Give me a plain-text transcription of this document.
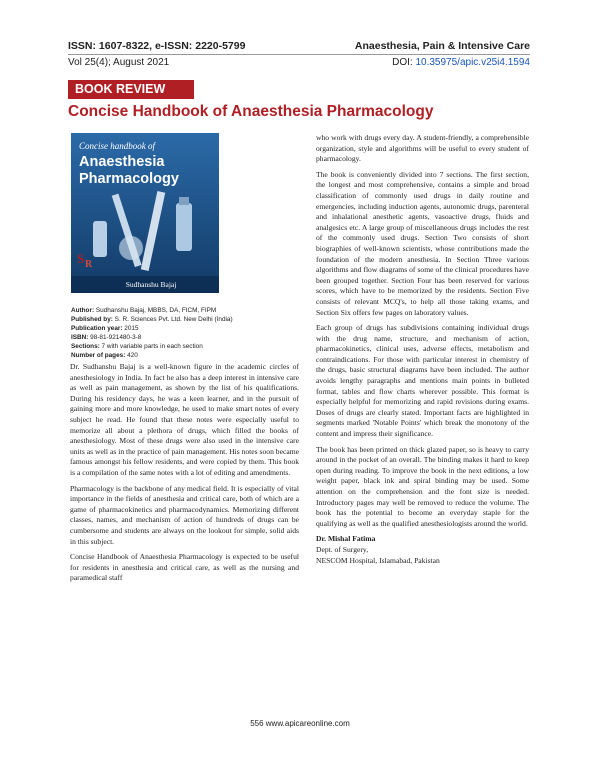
ISSN: 1607-8322, e-ISSN: 2220-5799	Anaesthesia, Pain & Intensive Care
Vol 25(4); August 2021	DOI: 10.35975/apic.v25i4.1594
BOOK REVIEW
Concise Handbook of Anaesthesia Pharmacology
Concise handbook of
Anaesthesia
Pharmacology
S R
Sudhanshu Bajaj
Author: Sudhanshu Bajaj, MBBS, DA, FICM, FIPM
Published by: S. R. Sciences Pvt. Ltd. New Delhi (India)
Publication year: 2015
ISBN: 98-81-921480-3-8
Sections: 7 with variable parts in each section
Number of pages: 420

Dr. Sudhanshu Bajaj is a well-known figure in the academic circles of anesthesiology in India. In fact he also has a deep interest in intensive care as well as pain management, as shown by the list of his qualifications. During his residency days, he was a keen learner, and in the pursuit of gaining more and more knowledge, he used to make smart notes of every subject he read. He found that these notes were especially useful to memorize all about a plethora of drugs, which filled the books of anesthesiology. Most of these drugs were also used in the intensive care units as well as in the practice of pain management. His notes soon became famous amongst his fellow residents, and were copied by them. This book is a compilation of the same notes with a lot of editing and amendments.

Pharmacology is the backbone of any medical field. It is especially of vital importance in the fields of anesthesia and critical care, both of which are a game of pharmacokinetics and pharmacodynamics. Memorizing different classes, names, and mechanism of action of hundreds of drugs can be cumbersome and students are always on the lookout for simple, solid aids in this subject.

Concise Handbook of Anaesthesia Pharmacology is expected to be useful for residents in anesthesia and critical care, as well as the nursing and paramedical staff

who work with drugs every day. A student-friendly, a comprehensible organization, style and algorithms will be useful to every student of pharmacology.

The book is conveniently divided into 7 sections. The first section, the longest and most comprehensive, contains a simple and broad classification of commonly used drugs in daily routine and emergencies, including induction agents, autonomic drugs, parenteral and inhalational anesthetic agents, vasoactive drugs, fluids and analgesics etc. A large group of miscellaneous drugs includes the rest of the commonly used drugs. Section Two consists of short biographies of well-known scientists, whose contributions made the foundation of the modern anesthesia. In Section Three various algorithms and flow diagrams of some of the clinical procedures have been grouped together. Section Four has been reserved for various scores, which have to be memorized by the residents. Section Five consists of relevant MCQ's, to help all those taking exams, and Section Six offers few pages on laboratory values.

Each group of drugs has subdivisions containing individual drugs with the drug name, structure, and mechanism of action, pharmacokinetics, clinical uses, adverse effects, metabolism and contraindications. For those with particular interest in chemistry of the drugs, basic structural diagrams have been included. The author avoids lengthy paragraphs and mentions main points in bulleted format, tables and flow charts wherever possible. This format is especially helpful for memorizing and rapid revisions during exams. Doses of drugs are clearly stated. Important facts are highlighted in segments marked 'Notable Points' which break the monotony of the content and impress their significance.

The book has been printed on thick glazed paper, so is heavy to carry around in the pocket of an overall. The binding makes it hard to keep open during reading. To improve the book in the next editions, a low weight paper, black ink and spiral binding may be used. Some attention on the comprehension and the font size is needed. Introductory pages may well be removed to reduce the volume. The book has the potential to become an everyday staple for the qualifying as well as the qualified anesthesiologists around the world.

Dr. Mishal Fatima
Dept. of Surgery,
NESCOM Hospital, Islamabad, Pakistan
556 www.apicareonline.com
